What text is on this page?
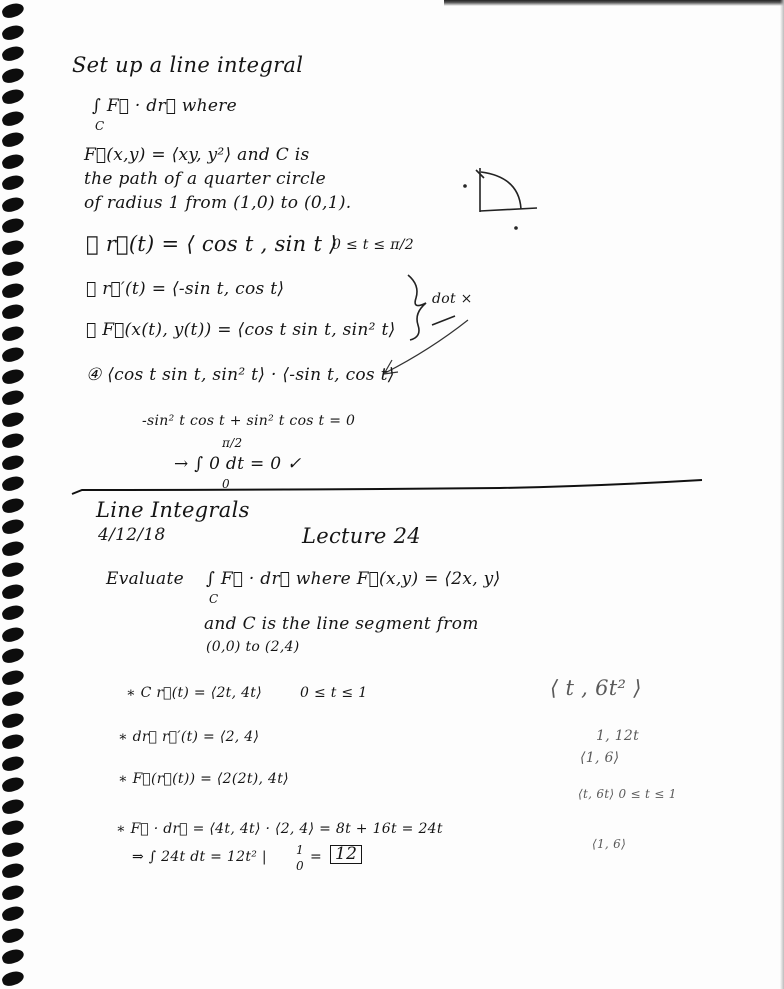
Set up a line integral
∫ F⃗ · dr⃗ where
C
F⃗(x,y) = ⟨xy, y²⟩ and C is
the path of a quarter circle
of radius 1 from (1,0) to (0,1).
① r⃗(t) = ⟨ cos t , sin t ⟩
0 ≤ t ≤ π/2
② r⃗′(t) = ⟨-sin t, cos t⟩	dot ×
③ F⃗(x(t), y(t)) = ⟨cos t sin t, sin² t⟩
④ ⟨cos t sin t, sin² t⟩ · ⟨-sin t, cos t⟩
-sin² t cos t + sin² t cos t = 0
π/2
→ ∫ 0 dt = 0 ✓
0
Line Integrals
4/12/18	Lecture 24
Evaluate ∫ F⃗ · dr⃗ where F⃗(x,y) = ⟨2x, y⟩
C
and C is the line segment from
(0,0) to (2,4)
∗ C r⃗(t) = ⟨2t, 4t⟩	0 ≤ t ≤ 1
∗ dr⃗ r⃗′(t) = ⟨2, 4⟩
∗ F⃗(r⃗(t)) = ⟨2(2t), 4t⟩
∗ F⃗ · dr⃗ = ⟨4t, 4t⟩ · ⟨2, 4⟩ = 8t + 16t = 24t
⇒ ∫ 24t dt = 12t² | 1
0
= 12
⟨ t , 6t² ⟩
1, 12t
⟨1, 6⟩
⟨t, 6t⟩ 0 ≤ t ≤ 1
⟨1, 6⟩
